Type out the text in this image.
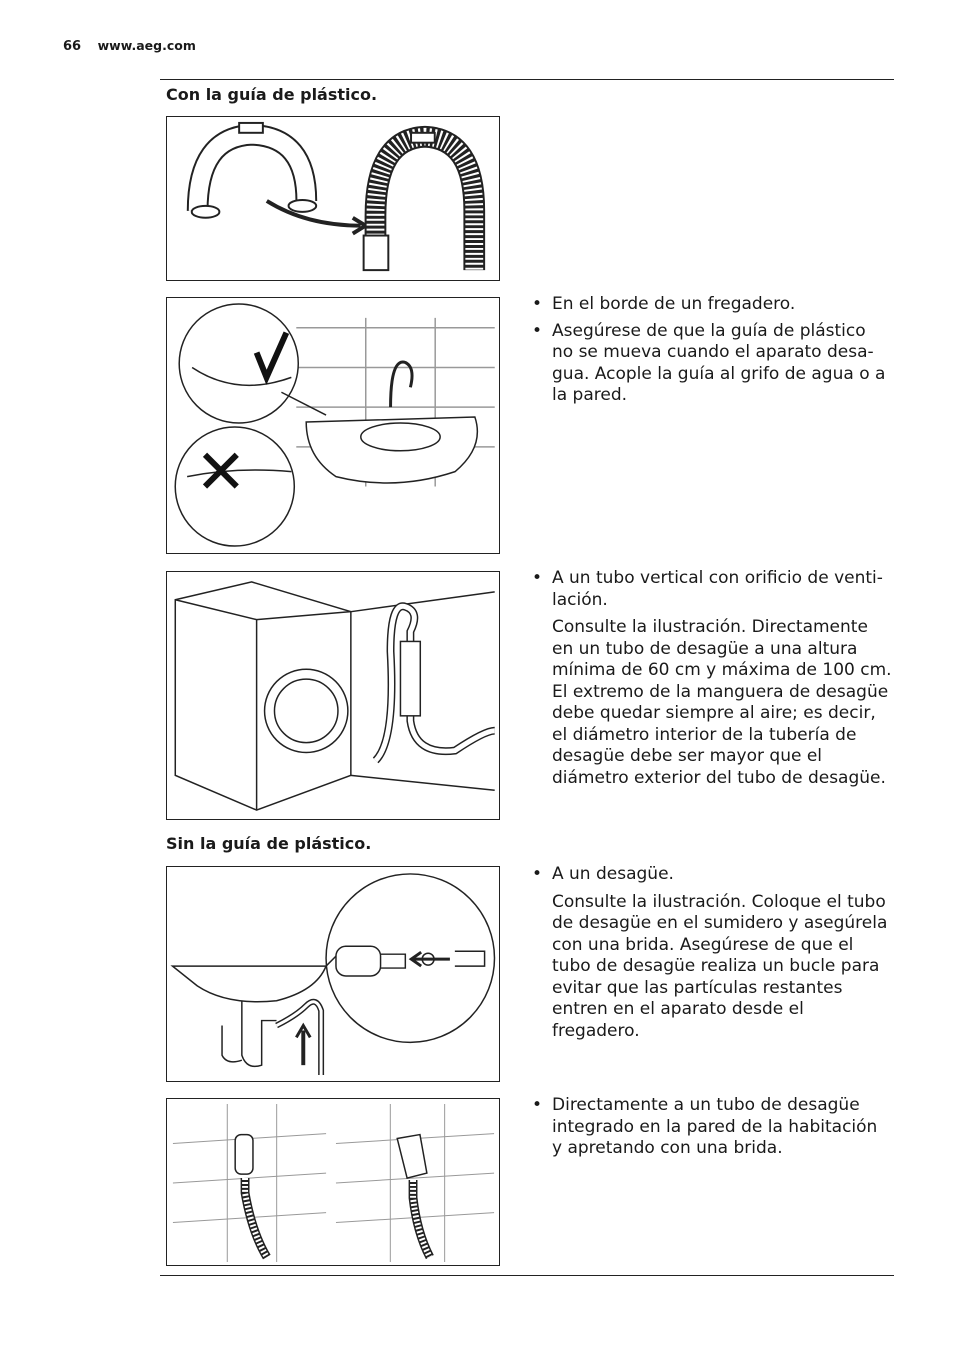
66 www.aeg.com
Con la guía de plástico.
• En el borde de un fregadero.
• Asegúrese de que la guía de plástico no se mueva cuando el aparato desagua. Acople la guía al grifo de agua o a la pared.
• A un tubo vertical con orificio de ventilación.

Consulte la ilustración. Directamente en un tubo de desagüe a una altura mínima de 60 cm y máxima de 100 cm. El extremo de la manguera de desagüe debe quedar siempre al aire; es decir, el diámetro interior de la tubería de desagüe debe ser mayor que el diámetro exterior del tubo de desagüe.

Sin la guía de plástico.
• A un desagüe.

Consulte la ilustración. Coloque el tubo de desagüe en el sumidero y asegúrela con una brida. Asegúrese de que el tubo de desagüe realiza un bucle para evitar que las partículas restantes entren en el aparato desde el fregadero.

• Directamente a un tubo de desagüe integrado en la pared de la habitación y apretando con una brida.
